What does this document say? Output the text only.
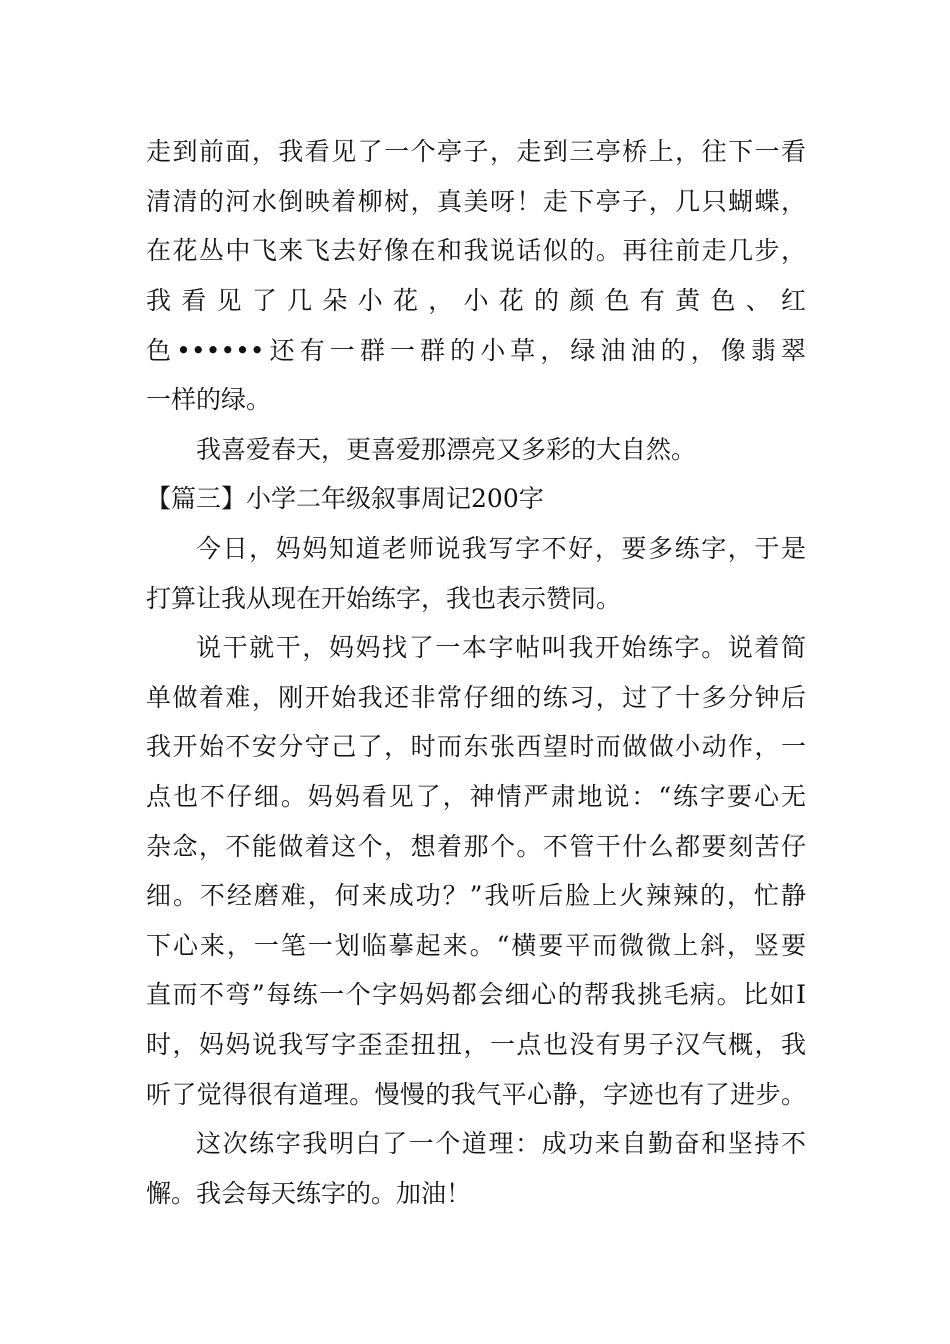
走到前面，我看见了一个亭子，走到三亭桥上，往下一看
清清的河水倒映着柳树，真美呀！走下亭子，几只蝴蝶，
在花丛中飞来飞去好像在和我说话似的。再往前走几步，
我 看 见 了 几 朵 小 花 ， 小 花 的 颜 色 有 黄 色 、 红
色••••••还有一群一群的小草，绿油油的，像翡翠
一样的绿。
我喜爱春天，更喜爱那漂亮又多彩的大自然。
【篇三】小学二年级叙事周记200字
今日，妈妈知道老师说我写字不好，要多练字，于是
打算让我从现在开始练字，我也表示赞同。
说干就干，妈妈找了一本字帖叫我开始练字。说着简
单做着难，刚开始我还非常仔细的练习，过了十多分钟后
我开始不安分守己了，时而东张西望时而做做小动作，一
点也不仔细。妈妈看见了，神情严肃地说：“练字要心无
杂念，不能做着这个，想着那个。不管干什么都要刻苦仔
细。不经磨难，何来成功？”我听后脸上火辣辣的，忙静
下心来，一笔一划临摹起来。“横要平而微微上斜，竖要
直而不弯”每练一个字妈妈都会细心的帮我挑毛病。比如Ⅰ
时，妈妈说我写字歪歪扭扭，一点也没有男子汉气概，我
听了觉得很有道理。慢慢的我气平心静，字迹也有了进步。
这次练字我明白了一个道理：成功来自勤奋和坚持不
懈。我会每天练字的。加油！
